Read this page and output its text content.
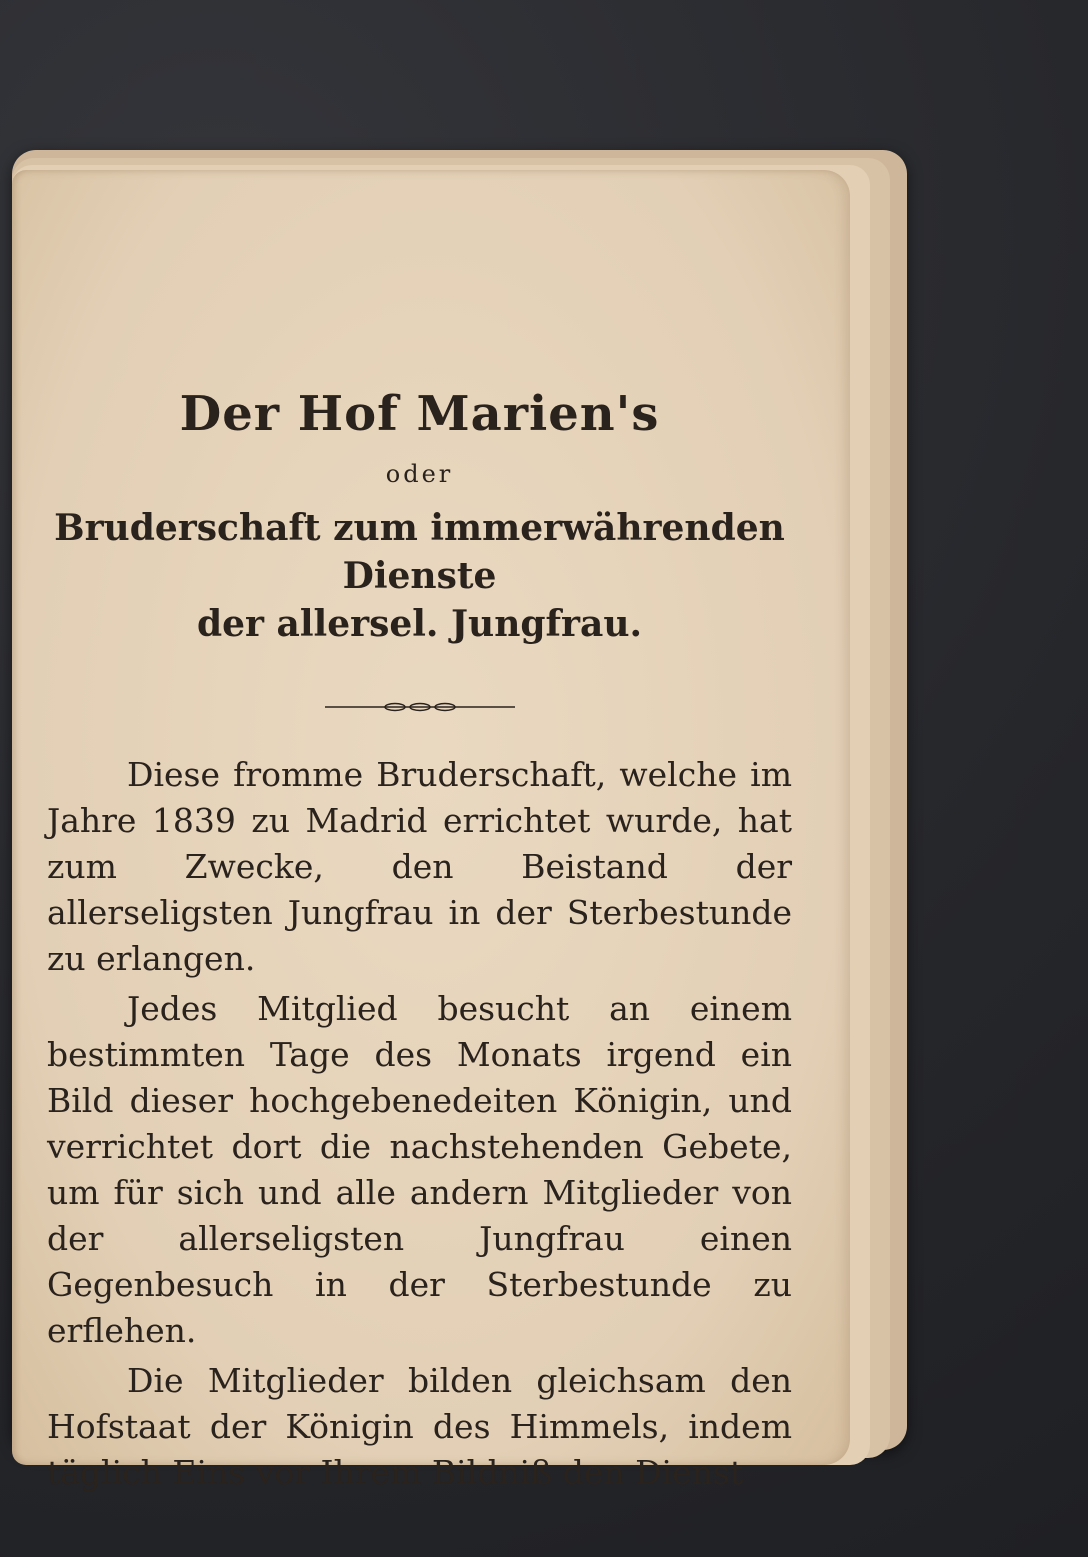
Der Hof Marien's
oder
Bruderschaft zum immerwährenden Dienste
der allersel. Jungfrau.

Diese fromme Bruderschaft, welche im Jahre 1839 zu Madrid errichtet wurde, hat zum Zwecke, den Beistand der allerseligsten Jungfrau in der Sterbestunde zu erlangen.

Jedes Mitglied besucht an einem bestimmten Tage des Monats irgend ein Bild dieser hochgebenedeiten Königin, und verrichtet dort die nachstehenden Gebete, um für sich und alle andern Mitglieder von der allerseligsten Jungfrau einen Gegenbesuch in der Sterbestunde zu erflehen.

Die Mitglieder bilden gleichsam den Hofstaat der Königin des Himmels, indem täglich Eins vor Ihrem Bildniß den Dienst
